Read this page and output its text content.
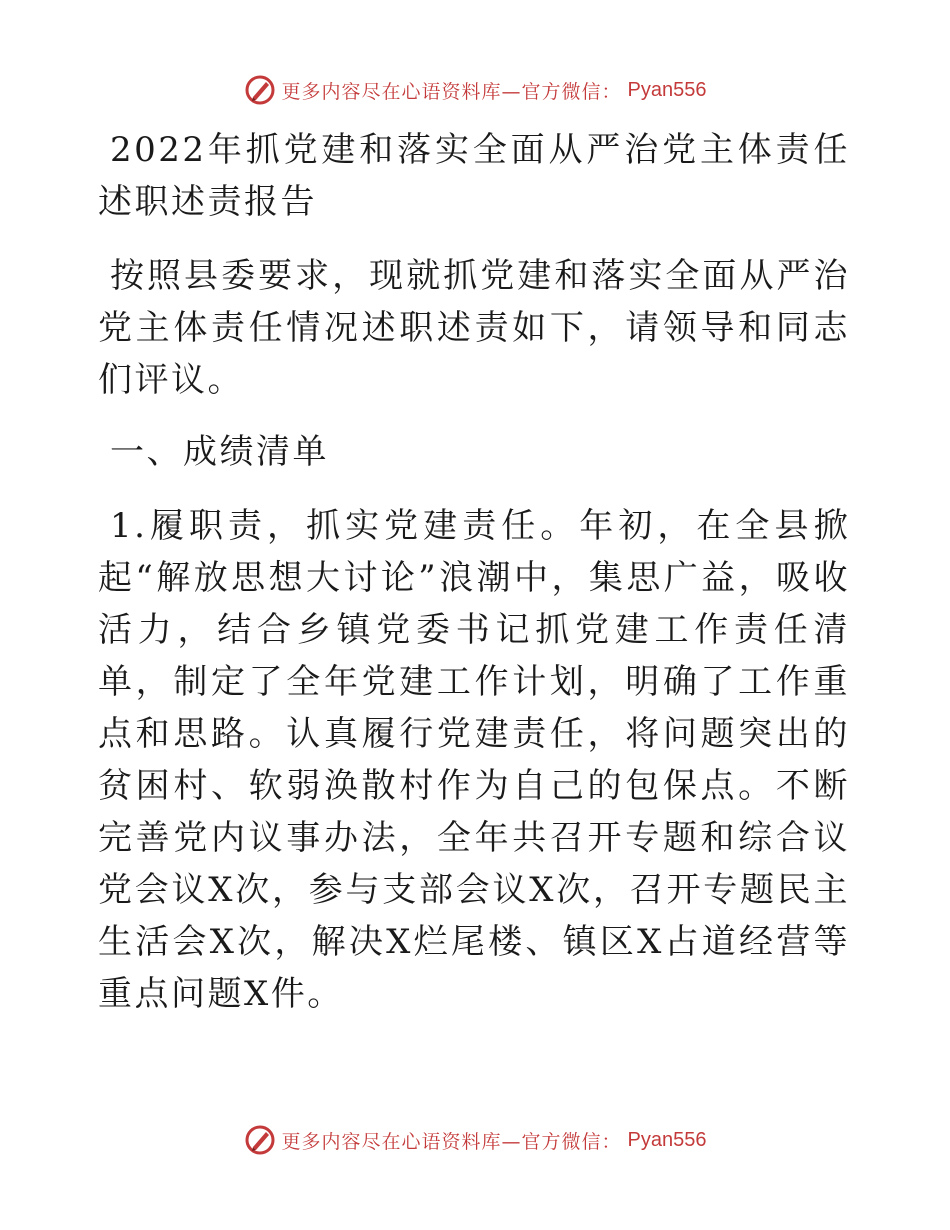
更多内容尽在心语资料库—官方微信： Pyan556

2022年抓党建和落实全面从严治党主体责任述职述责报告

按照县委要求，现就抓党建和落实全面从严治党主体责任情况述职述责如下，请领导和同志们评议。

一、成绩清单

1.履职责，抓实党建责任。年初，在全县掀起“解放思想大讨论”浪潮中，集思广益，吸收活力，结合乡镇党委书记抓党建工作责任清单，制定了全年党建工作计划，明确了工作重点和思路。认真履行党建责任，将问题突出的贫困村、软弱涣散村作为自己的包保点。不断完善党内议事办法，全年共召开专题和综合议党会议X次，参与支部会议X次，召开专题民主生活会X次，解决X烂尾楼、镇区X占道经营等重点问题X件。

更多内容尽在心语资料库—官方微信： Pyan556
